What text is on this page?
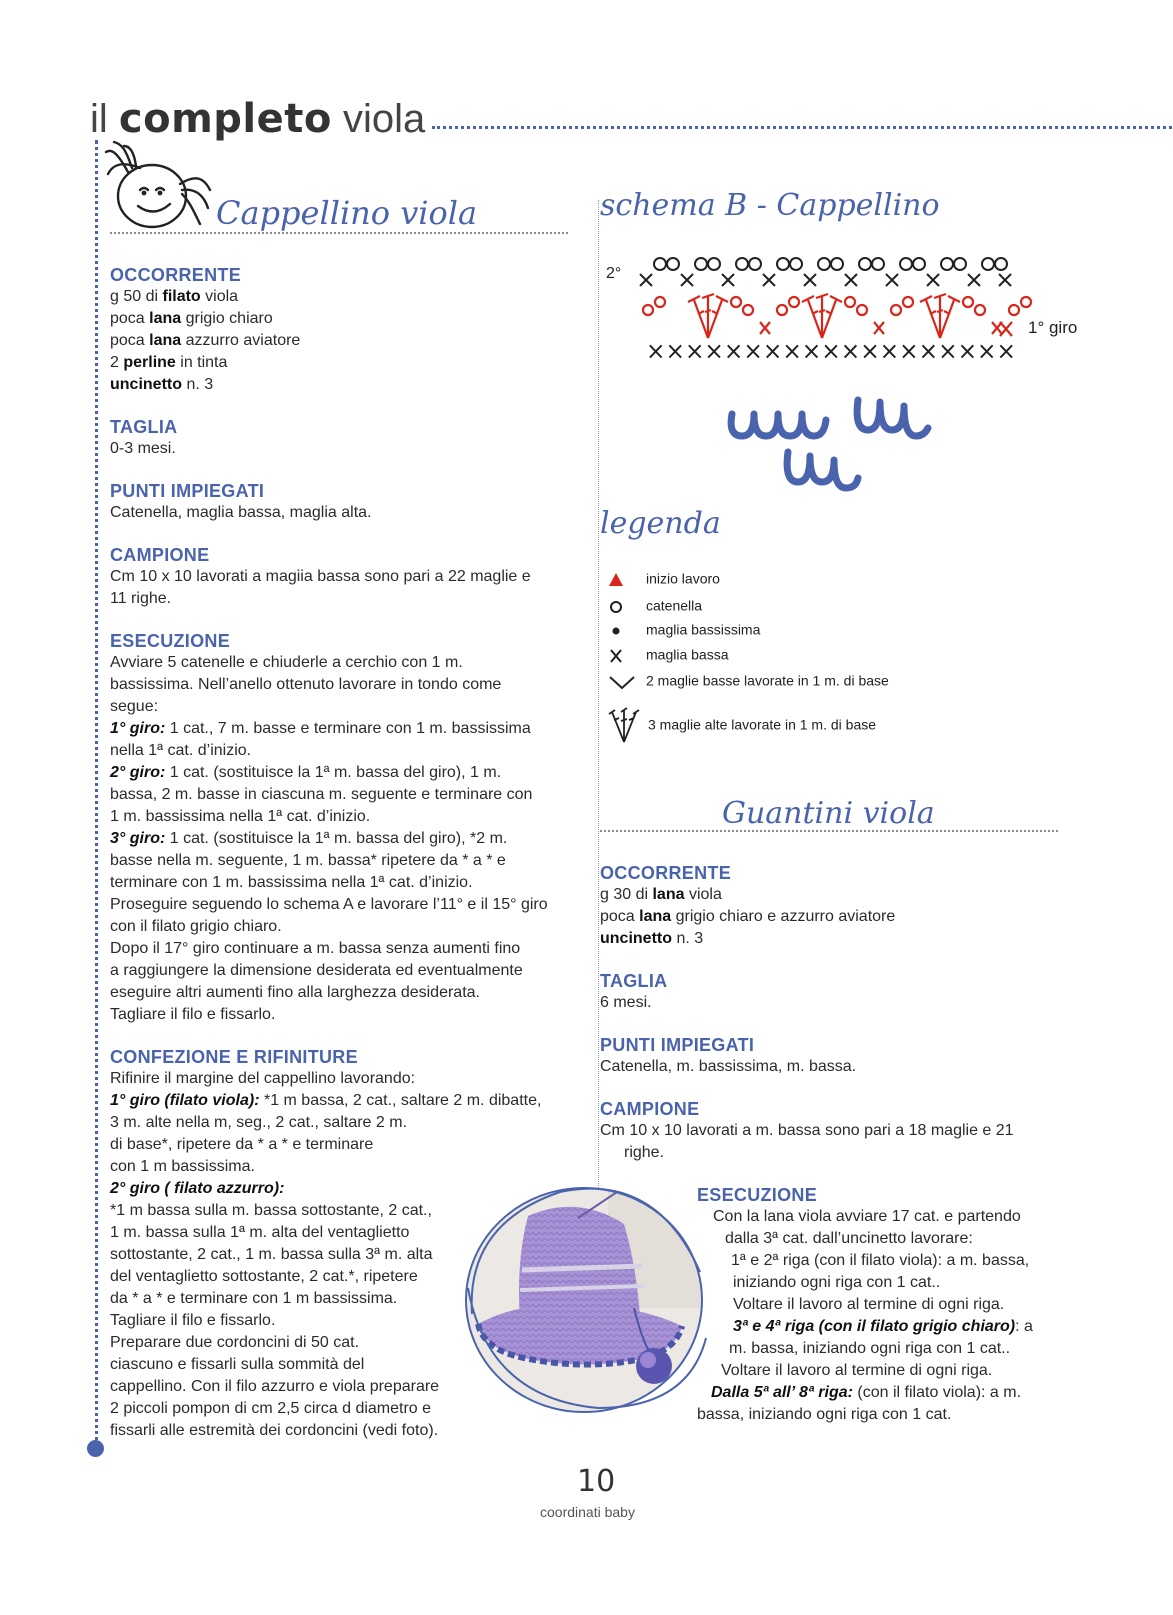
il completo viola
Cappellino viola
OCCORRENTE
g 50 di filato viola
poca lana grigio chiaro
poca lana azzurro aviatore
2 perline in tinta
uncinetto n. 3
TAGLIA
0-3 mesi.
PUNTI IMPIEGATI
Catenella, maglia bassa, maglia alta.
CAMPIONE
Cm 10 x 10 lavorati a magiia bassa sono pari a 22 maglie e
11 righe.
ESECUZIONE
Avviare 5 catenelle e chiuderle a cerchio con 1 m.
bassissima. Nell’anello ottenuto lavorare in tondo come
segue:
1° giro: 1 cat., 7 m. basse e terminare con 1 m. bassissima
nella 1ª cat. d’inizio.
2° giro: 1 cat. (sostituisce la 1ª m. bassa del giro), 1 m.
bassa, 2 m. basse in ciascuna m. seguente e terminare con
1 m. bassissima nella 1ª cat. d’inizio.
3° giro: 1 cat. (sostituisce la 1ª m. bassa del giro), *2 m.
basse nella m. seguente, 1 m. bassa* ripetere da * a * e
terminare con 1 m. bassissima nella 1ª cat. d’inizio.
Proseguire seguendo lo schema A e lavorare l’11° e il 15° giro
con il filato grigio chiaro.
Dopo il 17° giro continuare a m. bassa senza aumenti fino
a raggiungere la dimensione desiderata ed eventualmente
eseguire altri aumenti fino alla larghezza desiderata.
Tagliare il filo e fissarlo.
CONFEZIONE E RIFINITURE
Rifinire il margine del cappellino lavorando:
1° giro (filato viola): *1 m bassa, 2 cat., saltare 2 m. dibatte,
3 m. alte nella m, seg., 2 cat., saltare 2 m.
di base*, ripetere da * a * e terminare
con 1 m bassissima.
2° giro ( filato azzurro):
*1 m bassa sulla m. bassa sottostante, 2 cat.,
1 m. bassa sulla 1ª m. alta del ventaglietto
sottostante, 2 cat., 1 m. bassa sulla 3ª m. alta
del ventaglietto sottostante, 2 cat.*, ripetere
da * a * e terminare con 1 m bassissima.
Tagliare il filo e fissarlo.
Preparare due cordoncini di 50 cat.
ciascuno e fissarli sulla sommità del
cappellino. Con il filo azzurro e viola preparare
2 piccoli pompon di cm 2,5 circa d diametro e
fissarli alle estremità dei cordoncini (vedi foto).
schema B - Cappellino
2°
1° giro
×××××××××××××××××××
legenda
inizio lavoro
catenella
maglia bassissima
maglia bassa
2 maglie basse lavorate in 1 m. di base
3 maglie alte lavorate in 1 m. di base
Guantini viola
OCCORRENTE
g 30 di lana viola
poca lana grigio chiaro e azzurro aviatore
uncinetto n. 3
TAGLIA
6 mesi.
PUNTI IMPIEGATI
Catenella, m. bassissima, m. bassa.
CAMPIONE
Cm 10 x 10 lavorati a m. bassa sono pari a 18 maglie e 21
righe.
ESECUZIONE
Con la lana viola avviare 17 cat. e partendo
dalla 3ª cat. dall’uncinetto lavorare:
1ª e 2ª riga (con il filato viola): a m. bassa,
iniziando ogni riga con 1 cat..
Voltare il lavoro al termine di ogni riga.
3ª e 4ª riga (con il filato grigio chiaro): a
m. bassa, iniziando ogni riga con 1 cat..
Voltare il lavoro al termine di ogni riga.
Dalla 5ª all’ 8ª riga: (con il filato viola): a m.
bassa, iniziando ogni riga con 1 cat.
10
coordinati baby
